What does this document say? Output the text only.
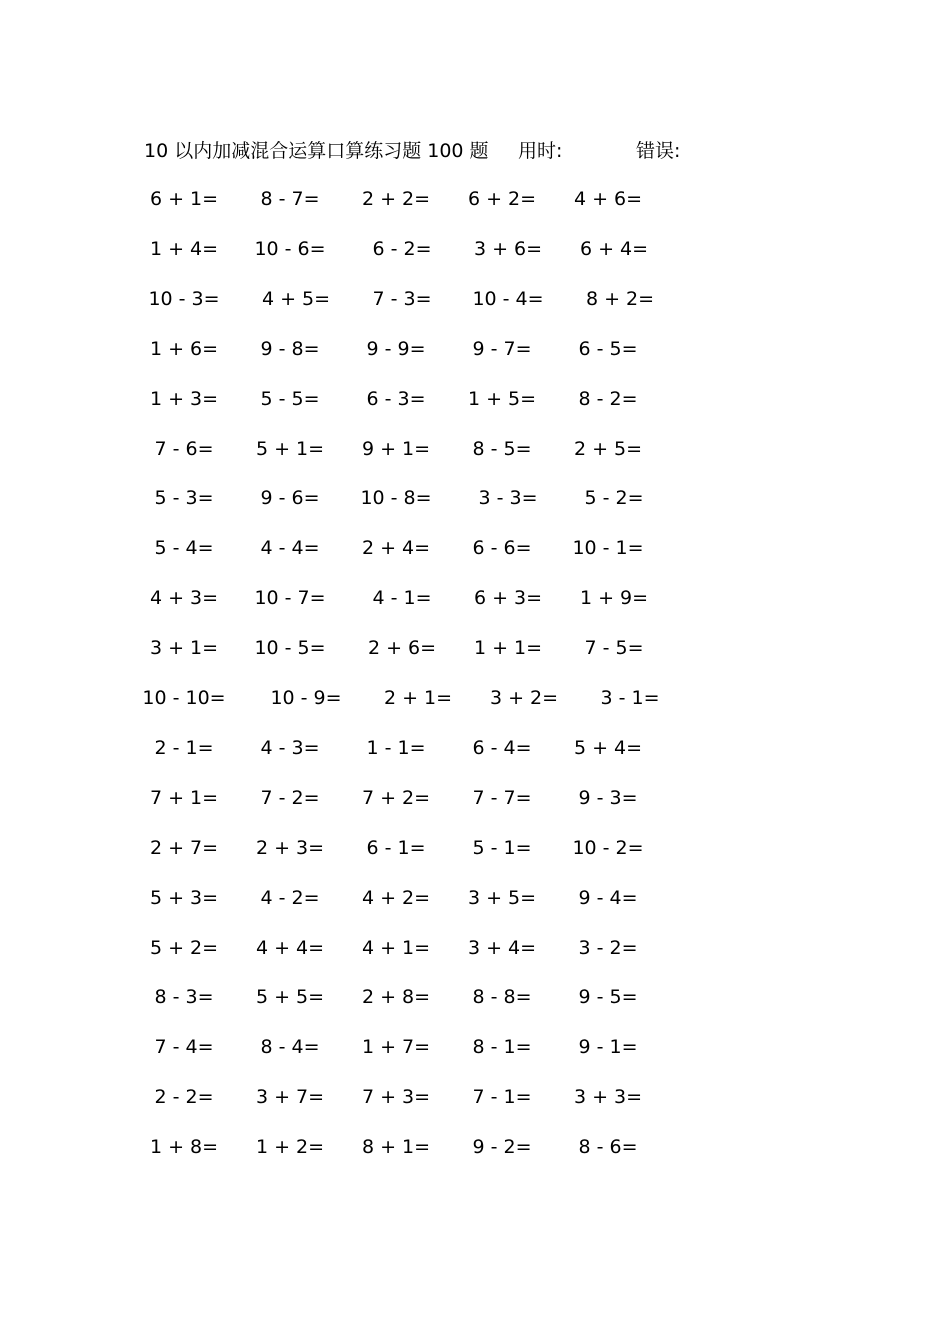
10 以内加减混合运算口算练习题 100 题 用时:	错误:
6 + 1=	8 - 7=	2 + 2=	6 + 2=	4 + 6=
1 + 4=	10 - 6=	6 - 2=	3 + 6=	6 + 4=
10 - 3=	4 + 5=	7 - 3=	10 - 4=	8 + 2=
1 + 6=	9 - 8=	9 - 9=	9 - 7=	6 - 5=
1 + 3=	5 - 5=	6 - 3=	1 + 5=	8 - 2=
7 - 6=	5 + 1=	9 + 1=	8 - 5=	2 + 5=
5 - 3=	9 - 6=	10 - 8=	3 - 3=	5 - 2=
5 - 4=	4 - 4=	2 + 4=	6 - 6=	10 - 1=
4 + 3=	10 - 7=	4 - 1=	6 + 3=	1 + 9=
3 + 1=	10 - 5=	2 + 6=	1 + 1=	7 - 5=
10 - 10=	10 - 9=	2 + 1=	3 + 2=	3 - 1=
2 - 1=	4 - 3=	1 - 1=	6 - 4=	5 + 4=
7 + 1=	7 - 2=	7 + 2=	7 - 7=	9 - 3=
2 + 7=	2 + 3=	6 - 1=	5 - 1=	10 - 2=
5 + 3=	4 - 2=	4 + 2=	3 + 5=	9 - 4=
5 + 2=	4 + 4=	4 + 1=	3 + 4=	3 - 2=
8 - 3=	5 + 5=	2 + 8=	8 - 8=	9 - 5=
7 - 4=	8 - 4=	1 + 7=	8 - 1=	9 - 1=
2 - 2=	3 + 7=	7 + 3=	7 - 1=	3 + 3=
1 + 8=	1 + 2=	8 + 1=	9 - 2=	8 - 6=
